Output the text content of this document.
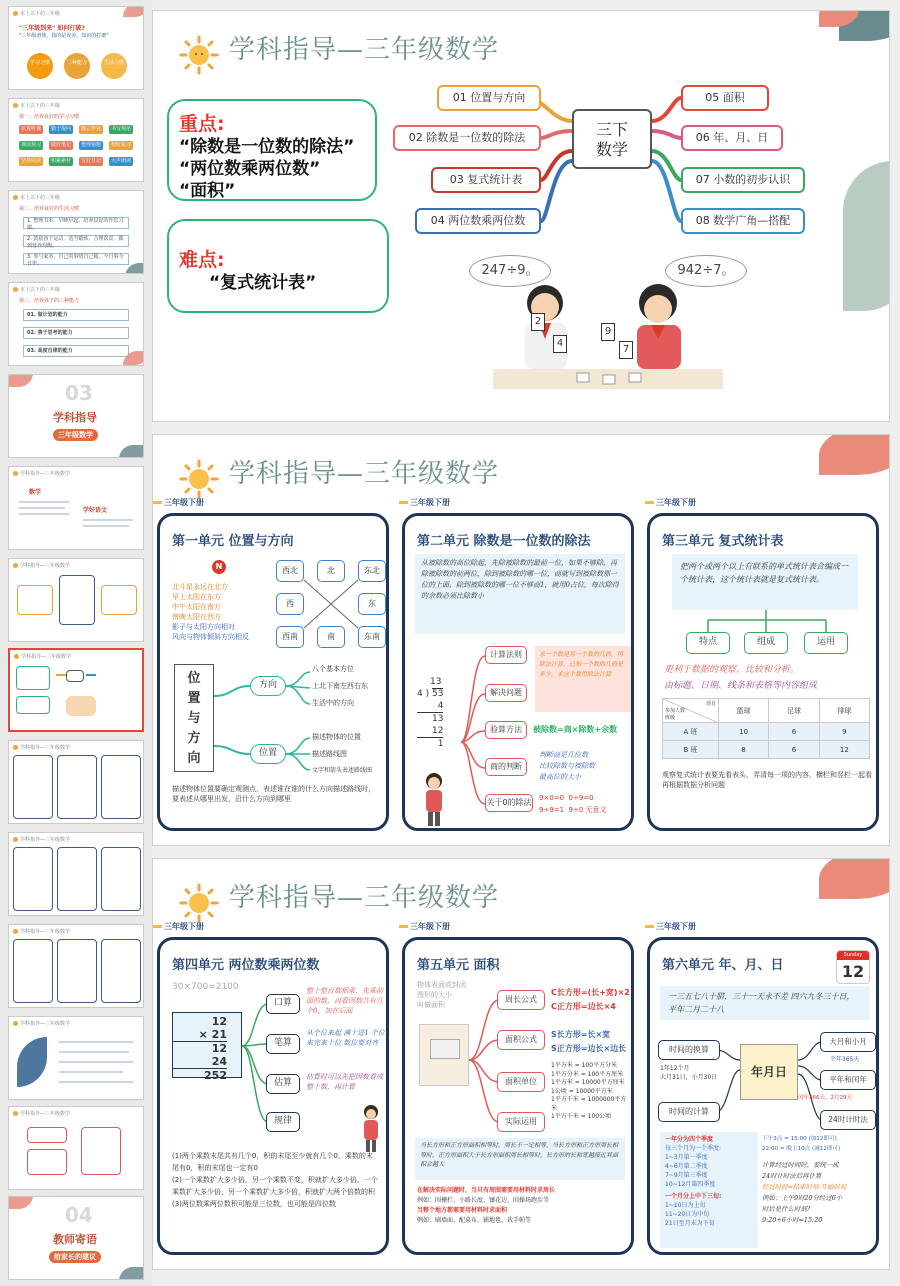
本上以下的三年级
"三年级到来" 如何打破?
"三年级滑坡，我的是误差，知识的打磨"
学习习惯	三种能力	生活习惯
本上以下的三年级
第一、培养良好的学习习惯
认真听课	勤于提问	独立作业	书写规范
课前预习	做好笔记	整理错题	按时复习
坚持阅读	积累素材	写好日记	大声朗读
本上以下的三年级
第二、培养良好的生活习惯
1. 整理书本、早睡早起、培养良好的作息习惯。
2. 鼓励孩子运动、适当锻炼、合理饮食、做到营养均衡。
3. 参与家务、自己的事情自己做、今日事今日毕。
本上以下的三年级
第三、培养孩子的三种能力
01. 做计划的能力
02. 善于思考的能力
03. 高度自律的能力
03
学科指导
三年级数学
学科指导—三年级数学
数学
学好语文
学科指导—三年级数学
学科指导—三年级数学
学科指导—三年级数学
学科指导—三年级数学
学科指导—三年级数学
学科指导—三年级数学
学科指导—三年级数学
04
教师寄语
给家长的建议
学科指导—三年级数学
重点:
“除数是一位数的除法”
“两位数乘两位数”
“面积”
难点:
“复式统计表”
01 位置与方向
02 除数是一位数的除法
03 复式统计表
04 两位数乘两位数
三下
数学
05 面积
06 年、月、日
07 小数的初步认识
08 数学广角—搭配
247÷9。	942÷7。
2
4
9
7
学科指导—三年级数学
三年级下册	三年级下册	三年级下册
第一单元 位置与方向
N
北斗星永远在北方
早上太阳在东方
中午太阳在南方
傍晚太阳在西方
影子与太阳方向相对
风向与物体倾斜方向相反
西北	北	东北
西	东
西南	南	东南
位
置
与
方
向
方向
位置
八个基本方位
上北下南左西右东
生活中的方向
描述物体的位置
描述路线图
文字和箭头表述路线图
描述物体位置要确定观测点，表述谁在谁的什么方向描述路线时，要表述从哪里出发，沿什么方向到哪里
第二单元 除数是一位数的除法
从被除数的高位除起，先除被除数的最前一位，如果不够除，再除被除数的前两位，除到被除数的哪一位，商就写到被除数那一位的上面，除到被除数的哪一位不够商1，就用0占位，每次除得的余数必须比除数小
13
4 ) 53
4
13
12
1
计算法则
解决问题
验算方法
商的判断
关于0的除法
求一个数是另一个数的几倍，用除法计算，已知一个数的几倍是多少，求这个数用除法计算
被除数=商×除数+余数
判断商是几位数
比较除数与被除数
最高位的大小
9×0=0 0÷9=0
9÷9=1 9÷0 无意义
第三单元 复式统计表
把两个或两个以上有联系的单式统计表合编成一个统计表，这个统计表就是复式统计表。
特点	组成	运用
更利于数据的观察、比较和分析。
由标题、日期、线条和表格等内容组成
项目
参加人数
班级	篮球	足球	排球
A 班	10	6	9
B 班	8	6	12
观察复式统计表要先看表头，弄清每一项的内容，横栏和竖栏一起看再根据数据分析问题
学科指导—三年级数学
三年级下册	三年级下册	三年级下册
第四单元 两位数乘两位数
30×700=2100
12
× 21
12
24
252
口算
笔算
估算
规律
整十整百数相乘，先乘前面的数，再看因数共有几个0，加在后面
从个位来起 满十进1 个位来完来十位 数位要对齐
估算时可以先把因数看成整十数，再计算
(1)两个乘数末尾共有几个0，积的末尾至少就有几个0，乘数的末尾有0，积的末尾也一定有0
(2)一个乘数扩大多少倍，另一个乘数不变，积就扩大多少倍。一个乘数扩大多少倍，另一个乘数扩大多少倍，积就扩大两个倍数的积
(3)两位数乘两位数积可能是三位数，也可能是四位数
第五单元 面积
物体表面或封闭
图形的大小
叫做面积
周长公式
面积公式
面积单位
实际运用
C长方形=(长+宽)×2
C正方形=边长×4
S长方形=长×宽
S正方形=边长×边长
1平方米 = 100平方分米
1平方分米 = 100平方厘米
1平方米 = 10000平方厘米
1公顷 = 10000平方米
1平方千米 = 1000000平方米
1平方千米 = 100公顷
当长方形和正方形面积相等时，周长不一定相等，当长方形和正方形周长相等时，正方形面积大于长方形面积周长相等时，长方形的长和宽越接近其面积会越大
在解决实际问题时，当只有周围需要用材料时求周长
例如：围栅栏、小路长度、镶花边、围操场跑步等
当整个地方都需要用材料时求面积
例如：刷墙面、配桌布、铺地毯、栽手帕等
第六单元 年、月、日
Sunday
12
一三五七八十腊，三十一天永不差 四六九冬三十日，平年二月二十八
年月日
时间的换算
时间的计算
大月和小月
平年和闰年
24时计时法
1年12个月
大月31日，小月30日
平年365天
闰年366天，2月29天
一年分为四个季度
每三个月为一个季度:
1~3月第一季度
4~6月第二季度
7~9月第三季度
10~12月第四季度
一个月分上中下三旬:
1~10日为上旬
11~20日为中旬
21日至月末为下旬
下午3点 = 15:00 (加12即可)
22:00 = 晚上10点 (减12即可)
计算经过时间时，要统一成
24时计时法后再计算
经过时间=结束时刻-开始时刻
例如：上午9时20分经过6小
时后是什么时刻?
9:20+6小时=15:20
